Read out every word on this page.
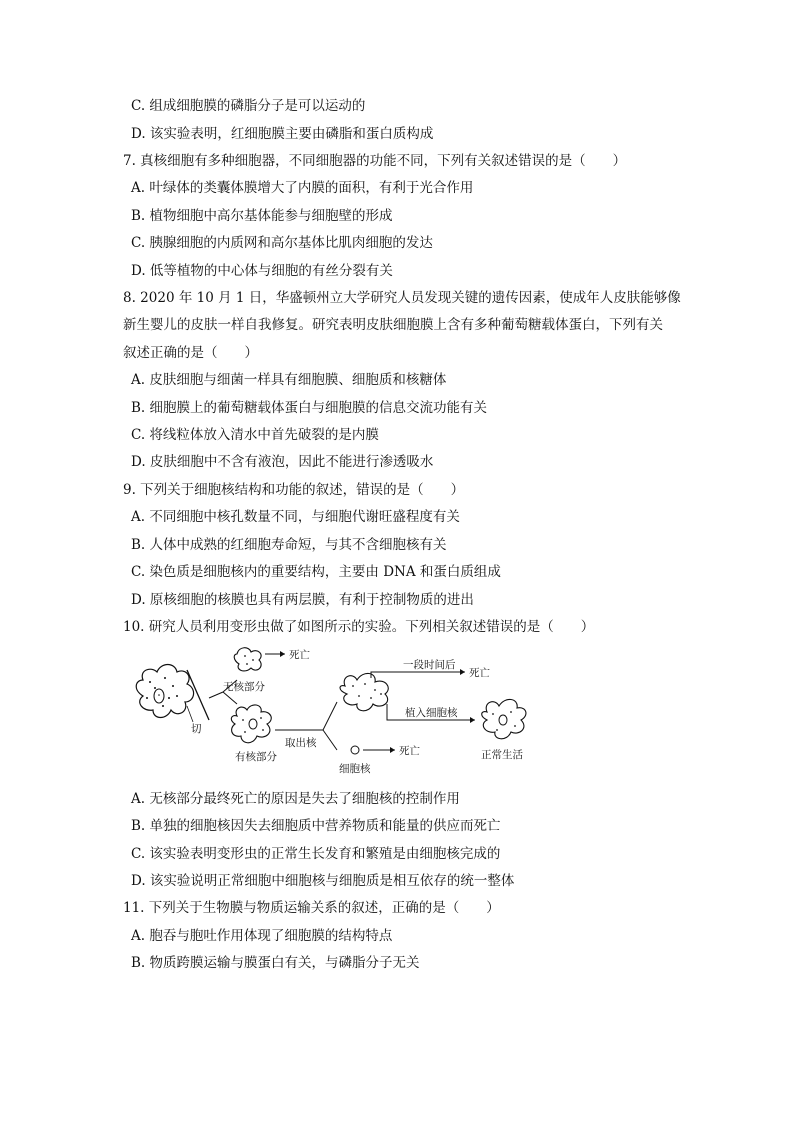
C. 组成细胞膜的磷脂分子是可以运动的
D. 该实验表明，红细胞膜主要由磷脂和蛋白质构成
7. 真核细胞有多种细胞器，不同细胞器的功能不同，下列有关叙述错误的是（　　）
A. 叶绿体的类囊体膜增大了内膜的面积，有利于光合作用
B. 植物细胞中高尔基体能参与细胞壁的形成
C. 胰腺细胞的内质网和高尔基体比肌肉细胞的发达
D. 低等植物的中心体与细胞的有丝分裂有关
8. 2020 年 10 月 1 日，华盛顿州立大学研究人员发现关键的遗传因素，使成年人皮肤能够像
新生婴儿的皮肤一样自我修复。研究表明皮肤细胞膜上含有多种葡萄糖载体蛋白，下列有关
叙述正确的是（　　）
A. 皮肤细胞与细菌一样具有细胞膜、细胞质和核糖体
B. 细胞膜上的葡萄糖载体蛋白与细胞膜的信息交流功能有关
C. 将线粒体放入清水中首先破裂的是内膜
D. 皮肤细胞中不含有液泡，因此不能进行渗透吸水
9. 下列关于细胞核结构和功能的叙述，错误的是（　　）
A. 不同细胞中核孔数量不同，与细胞代谢旺盛程度有关
B. 人体中成熟的红细胞寿命短，与其不含细胞核有关
C. 染色质是细胞核内的重要结构，主要由 DNA 和蛋白质组成
D. 原核细胞的核膜也具有两层膜，有利于控制物质的进出
10. 研究人员利用变形虫做了如图所示的实验。下列相关叙述错误的是（　　）
切
死亡
无核部分
有核部分
取出核
一段时间后
死亡
植入细胞核
正常生活
死亡
细胞核
A. 无核部分最终死亡的原因是失去了细胞核的控制作用
B. 单独的细胞核因失去细胞质中营养物质和能量的供应而死亡
C. 该实验表明变形虫的正常生长发育和繁殖是由细胞核完成的
D. 该实验说明正常细胞中细胞核与细胞质是相互依存的统一整体
11. 下列关于生物膜与物质运输关系的叙述，正确的是（　　）
A. 胞吞与胞吐作用体现了细胞膜的结构特点
B. 物质跨膜运输与膜蛋白有关，与磷脂分子无关
